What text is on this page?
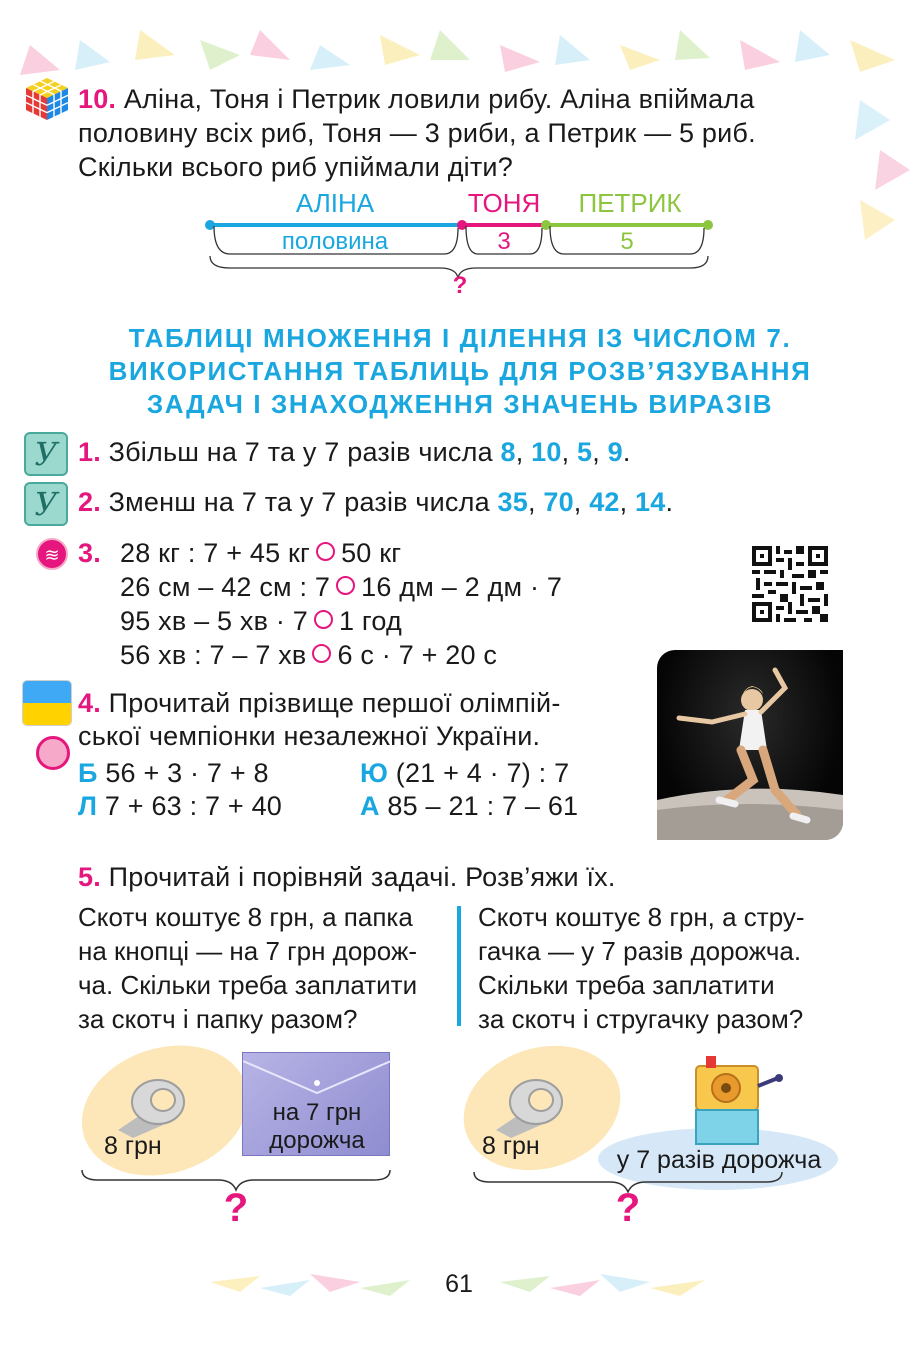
10. Аліна, Тоня і Петрик ловили рибу. Аліна впіймала
половину всіх риб, Тоня — 3 риби, а Петрик — 5 риб.
Скільки всього риб упіймали діти?
АЛІНА	ТОНЯ	ПЕТРИК
половина	3	5
?
ТАБЛИЦІ МНОЖЕННЯ І ДІЛЕННЯ ІЗ ЧИСЛОМ 7.
ВИКОРИСТАННЯ ТАБЛИЦЬ ДЛЯ РОЗВ’ЯЗУВАННЯ
ЗАДАЧ І ЗНАХОДЖЕННЯ ЗНАЧЕНЬ ВИРАЗІВ
У 1. Збільш на 7 та у 7 разів числа 8, 10, 5, 9.
У 2. Зменш на 7 та у 7 разів числа 35, 70, 42, 14.
≋ 3. 28 кг : 7 + 45 кг 50 кг
26 см – 42 см : 7 16 дм – 2 дм · 7
95 хв – 5 хв · 7 1 год
56 хв : 7 – 7 хв 6 с · 7 + 20 с
4. Прочитай прізвище першої олімпій-
ської чемпіонки незалежної України.
Б 56 + 3 · 7 + 8	Ю (21 + 4 · 7) : 7
Л 7 + 63 : 7 + 40	А 85 – 21 : 7 – 61
5. Прочитай і порівняй задачі. Розв’яжи їх.
Скотч коштує 8 грн, а папка
на кнопці — на 7 грн дорож-
ча. Скільки треба заплатити
за скотч і папку разом?
Скотч коштує 8 грн, а стру-
гачка — у 7 разів дорожча.
Скільки треба заплатити
за скотч і стругачку разом?
8 грн
на 7 грн
дорожча
?
8 грн	у 7 разів дорожча
?
61
